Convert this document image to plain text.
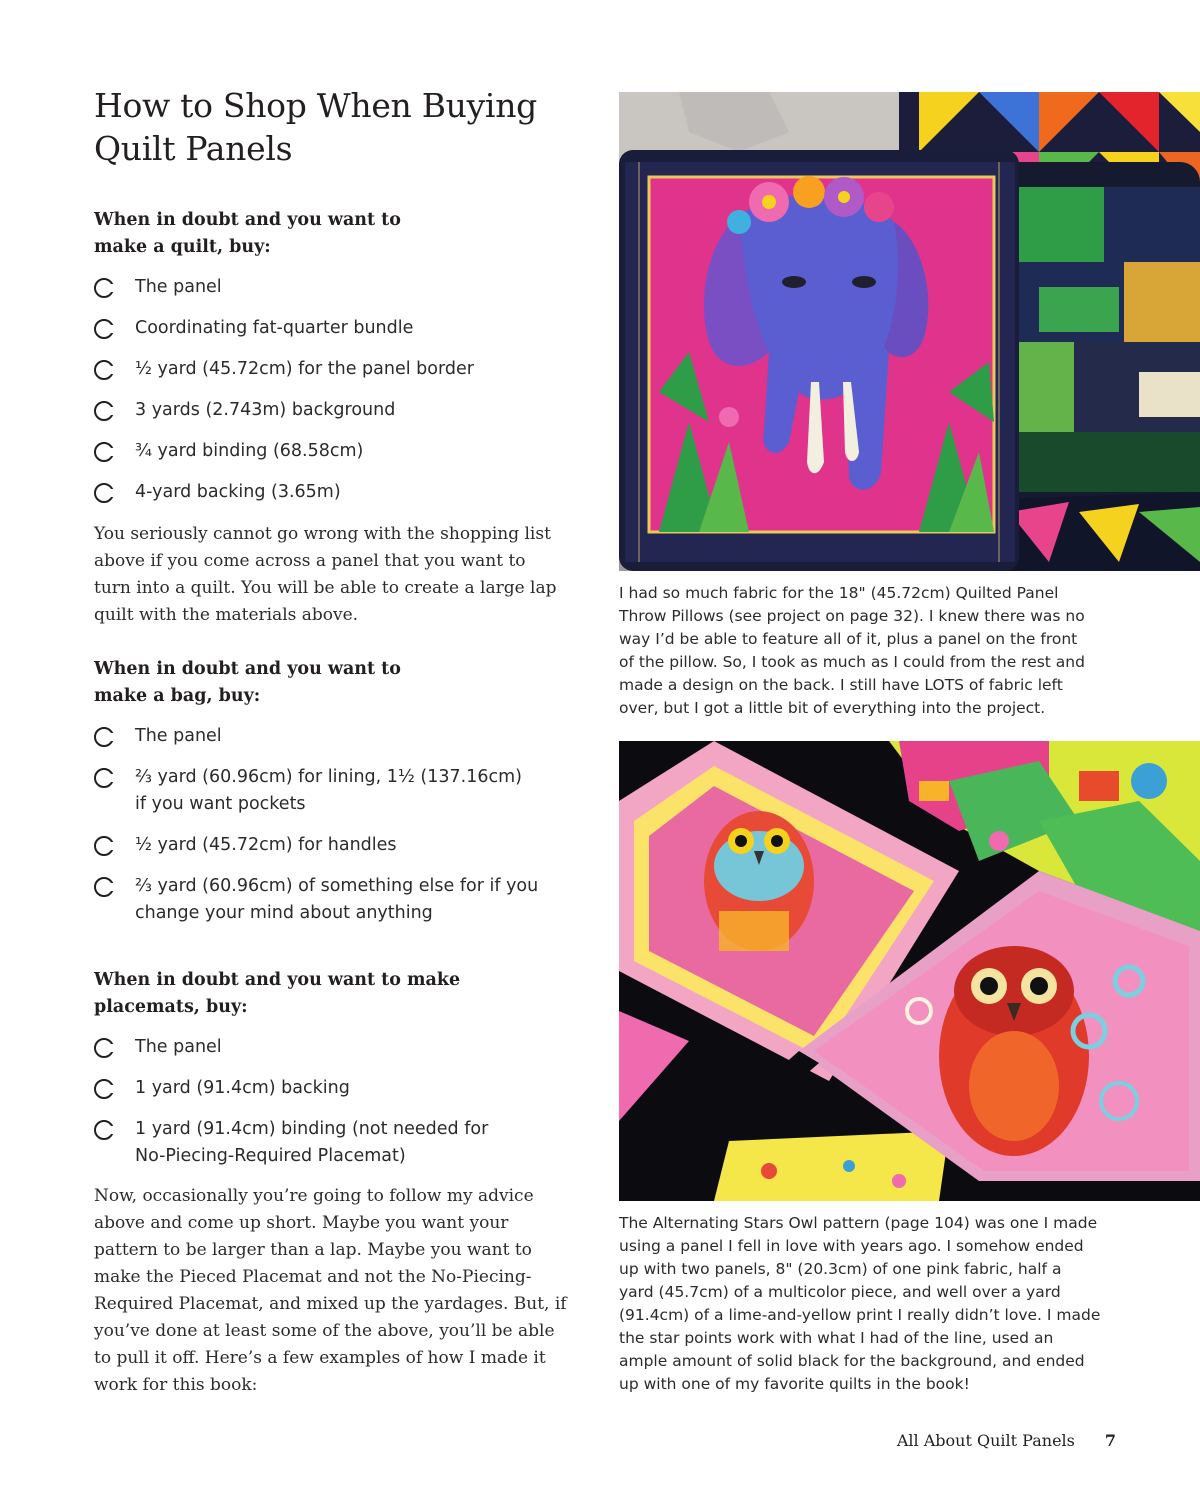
How to Shop When Buying
Quilt Panels
When in doubt and you want to
make a quilt, buy:
The panel
Coordinating fat-quarter bundle
½ yard (45.72cm) for the panel border
3 yards (2.743m) background
¾ yard binding (68.58cm)
4-yard backing (3.65m)
You seriously cannot go wrong with the shopping list
above if you come across a panel that you want to
turn into a quilt. You will be able to create a large lap
quilt with the materials above.
When in doubt and you want to
make a bag, buy:
The panel
⅔ yard (60.96cm) for lining, 1½ (137.16cm)
if you want pockets
½ yard (45.72cm) for handles
⅔ yard (60.96cm) of something else for if you
change your mind about anything
When in doubt and you want to make
placemats, buy:
The panel
1 yard (91.4cm) backing
1 yard (91.4cm) binding (not needed for
No-Piecing-Required Placemat)
Now, occasionally you’re going to follow my advice
above and come up short. Maybe you want your
pattern to be larger than a lap. Maybe you want to
make the Pieced Placemat and not the No-Piecing-
Required Placemat, and mixed up the yardages. But, if
you’ve done at least some of the above, you’ll be able
to pull it off. Here’s a few examples of how I made it
work for this book:
I had so much fabric for the 18" (45.72cm) Quilted Panel
Throw Pillows (see project on page 32). I knew there was no
way I’d be able to feature all of it, plus a panel on the front
of the pillow. So, I took as much as I could from the rest and
made a design on the back. I still have LOTS of fabric left
over, but I got a little bit of everything into the project.
The Alternating Stars Owl pattern (page 104) was one I made
using a panel I fell in love with years ago. I somehow ended
up with two panels, 8" (20.3cm) of one pink fabric, half a
yard (45.7cm) of a multicolor piece, and well over a yard
(91.4cm) of a lime-and-yellow print I really didn’t love. I made
the star points work with what I had of the line, used an
ample amount of solid black for the background, and ended
up with one of my favorite quilts in the book!
All About Quilt Panels 7
